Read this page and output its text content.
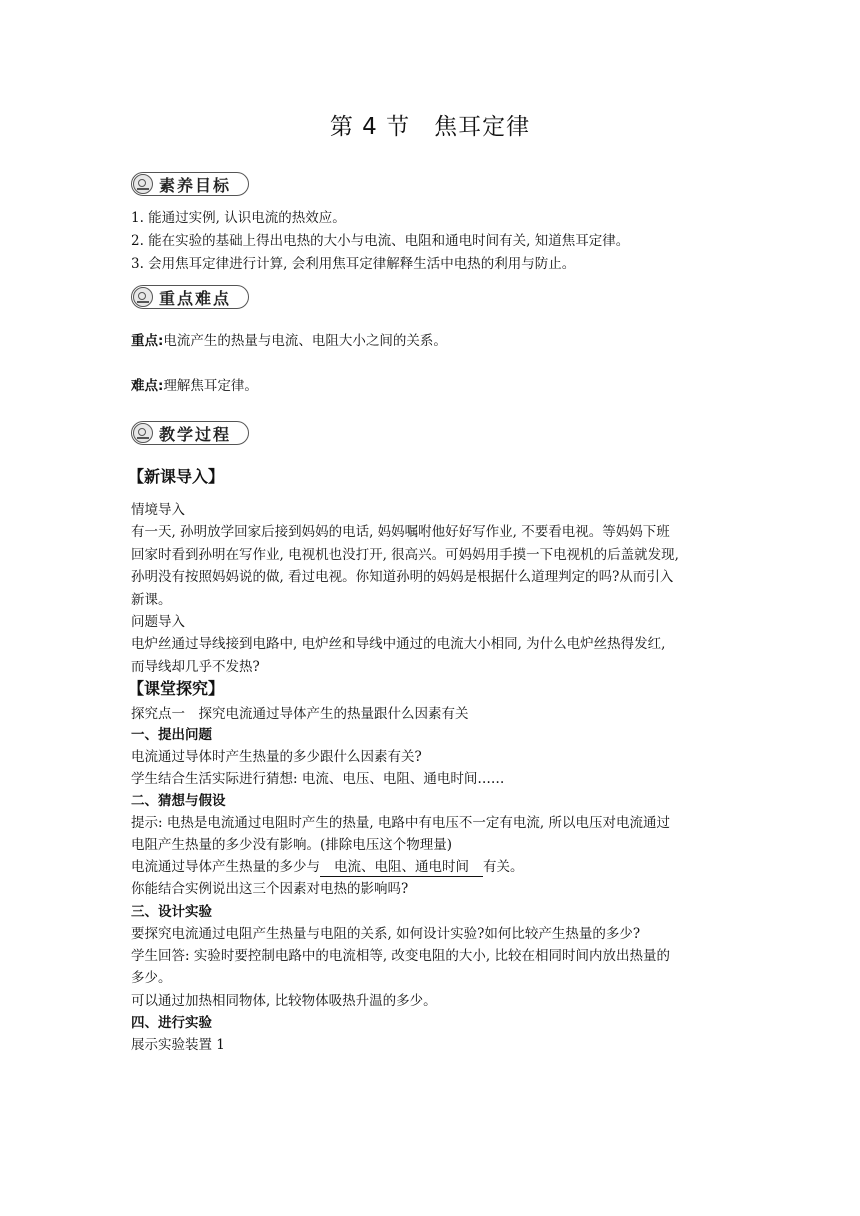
第 4 节 焦耳定律
素养目标
1. 能通过实例, 认识电流的热效应。
2. 能在实验的基础上得出电热的大小与电流、电阻和通电时间有关, 知道焦耳定律。
3. 会用焦耳定律进行计算, 会利用焦耳定律解释生活中电热的利用与防止。
重点难点
重点:电流产生的热量与电流、电阻大小之间的关系。
难点:理解焦耳定律。
教学过程
【新课导入】
情境导入
有一天, 孙明放学回家后接到妈妈的电话, 妈妈嘱咐他好好写作业, 不要看电视。等妈妈下班
回家时看到孙明在写作业, 电视机也没打开, 很高兴。可妈妈用手摸一下电视机的后盖就发现,
孙明没有按照妈妈说的做, 看过电视。你知道孙明的妈妈是根据什么道理判定的吗?从而引入
新课。
问题导入
电炉丝通过导线接到电路中, 电炉丝和导线中通过的电流大小相同, 为什么电炉丝热得发红,
而导线却几乎不发热?
【课堂探究】
探究点一　探究电流通过导体产生的热量跟什么因素有关
一、提出问题
电流通过导体时产生热量的多少跟什么因素有关?
学生结合生活实际进行猜想: 电流、电压、电阻、通电时间……
二、猜想与假设
提示: 电热是电流通过电阻时产生的热量, 电路中有电压不一定有电流, 所以电压对电流通过
电阻产生热量的多少没有影响。(排除电压这个物理量)
电流通过导体产生热量的多少与 电流、电阻、通电时间 有关。
你能结合实例说出这三个因素对电热的影响吗?
三、设计实验
要探究电流通过电阻产生热量与电阻的关系, 如何设计实验?如何比较产生热量的多少?
学生回答: 实验时要控制电路中的电流相等, 改变电阻的大小, 比较在相同时间内放出热量的
多少。
可以通过加热相同物体, 比较物体吸热升温的多少。
四、进行实验
展示实验装置 1
